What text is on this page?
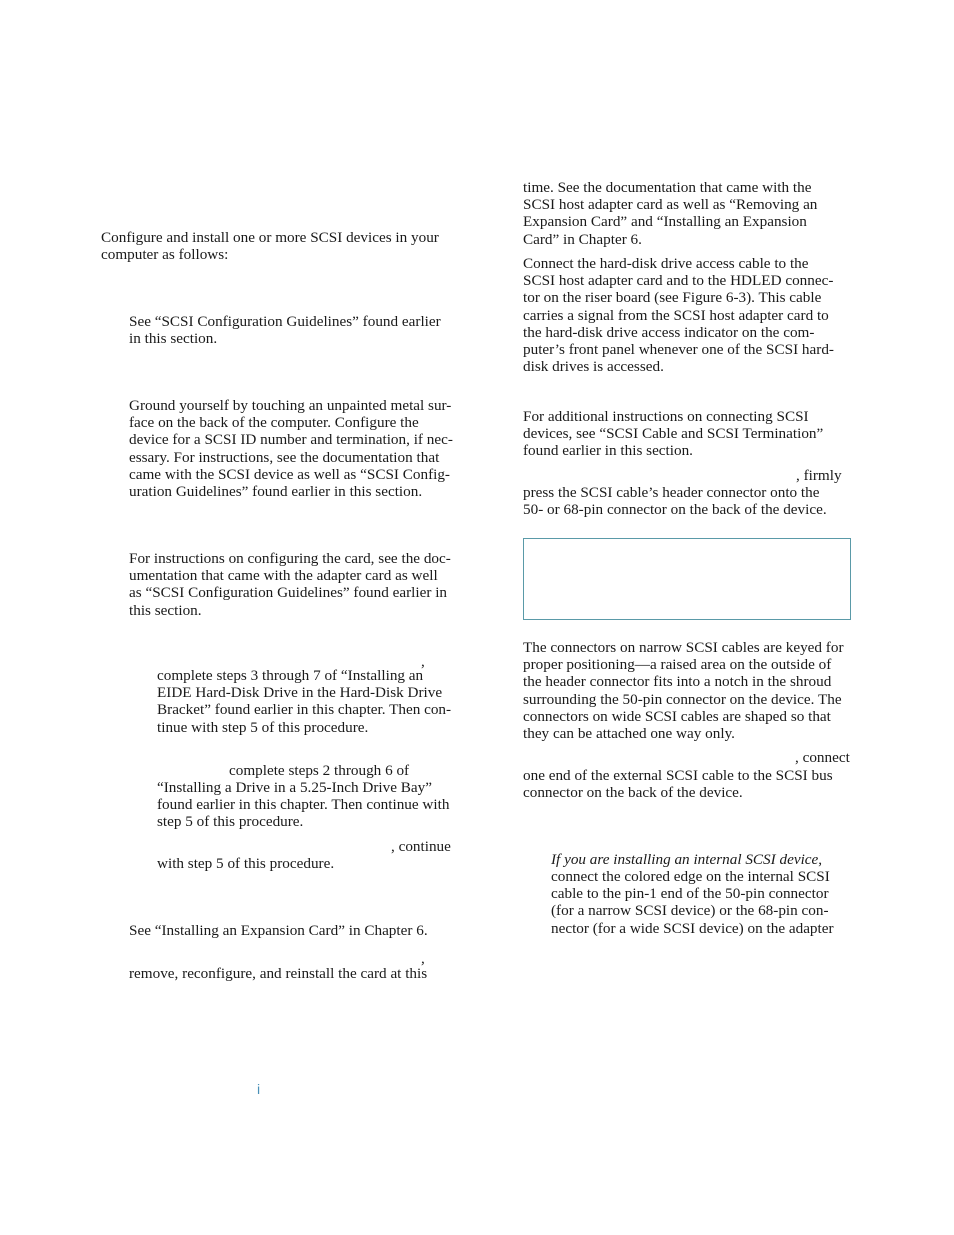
Configure and install one or more SCSI devices in your
computer as follows:

See “SCSI Configuration Guidelines” found earlier
in this section.

Ground yourself by touching an unpainted metal sur-
face on the back of the computer. Configure the
device for a SCSI ID number and termination, if nec-
essary. For instructions, see the documentation that
came with the SCSI device as well as “SCSI Config-
uration Guidelines” found earlier in this section.

For instructions on configuring the card, see the doc-
umentation that came with the adapter card as well
as “SCSI Configuration Guidelines” found earlier in
this section.

,

complete steps 3 through 7 of “Installing an
EIDE Hard-Disk Drive in the Hard-Disk Drive
Bracket” found earlier in this chapter. Then con-
tinue with step 5 of this procedure.

complete steps 2 through 6 of

“Installing a Drive in a 5.25-Inch Drive Bay”
found earlier in this chapter. Then continue with
step 5 of this procedure.

, continue
with step 5 of this procedure.
See “Installing an Expansion Card” in Chapter 6.
,
remove, reconfigure, and reinstall the card at this

time. See the documentation that came with the
SCSI host adapter card as well as “Removing an
Expansion Card” and “Installing an Expansion
Card” in Chapter 6.

Connect the hard-disk drive access cable to the
SCSI host adapter card and to the HDLED connec-
tor on the riser board (see Figure 6-3). This cable
carries a signal from the SCSI host adapter card to
the hard-disk drive access indicator on the com-
puter’s front panel whenever one of the SCSI hard-
disk drives is accessed.

For additional instructions on connecting SCSI
devices, see “SCSI Cable and SCSI Termination”
found earlier in this section.

, firmly

press the SCSI cable’s header connector onto the
50- or 68-pin connector on the back of the device.

The connectors on narrow SCSI cables are keyed for
proper positioning—a raised area on the outside of
the header connector fits into a notch in the shroud
surrounding the 50-pin connector on the device. The
connectors on wide SCSI cables are shaped so that
they can be attached one way only.

, connect

one end of the external SCSI cable to the SCSI bus
connector on the back of the device.

If you are installing an internal SCSI device,

connect the colored edge on the internal SCSI
cable to the pin-1 end of the 50-pin connector
(for a narrow SCSI device) or the 68-pin con-
nector (for a wide SCSI device) on the adapter

i
